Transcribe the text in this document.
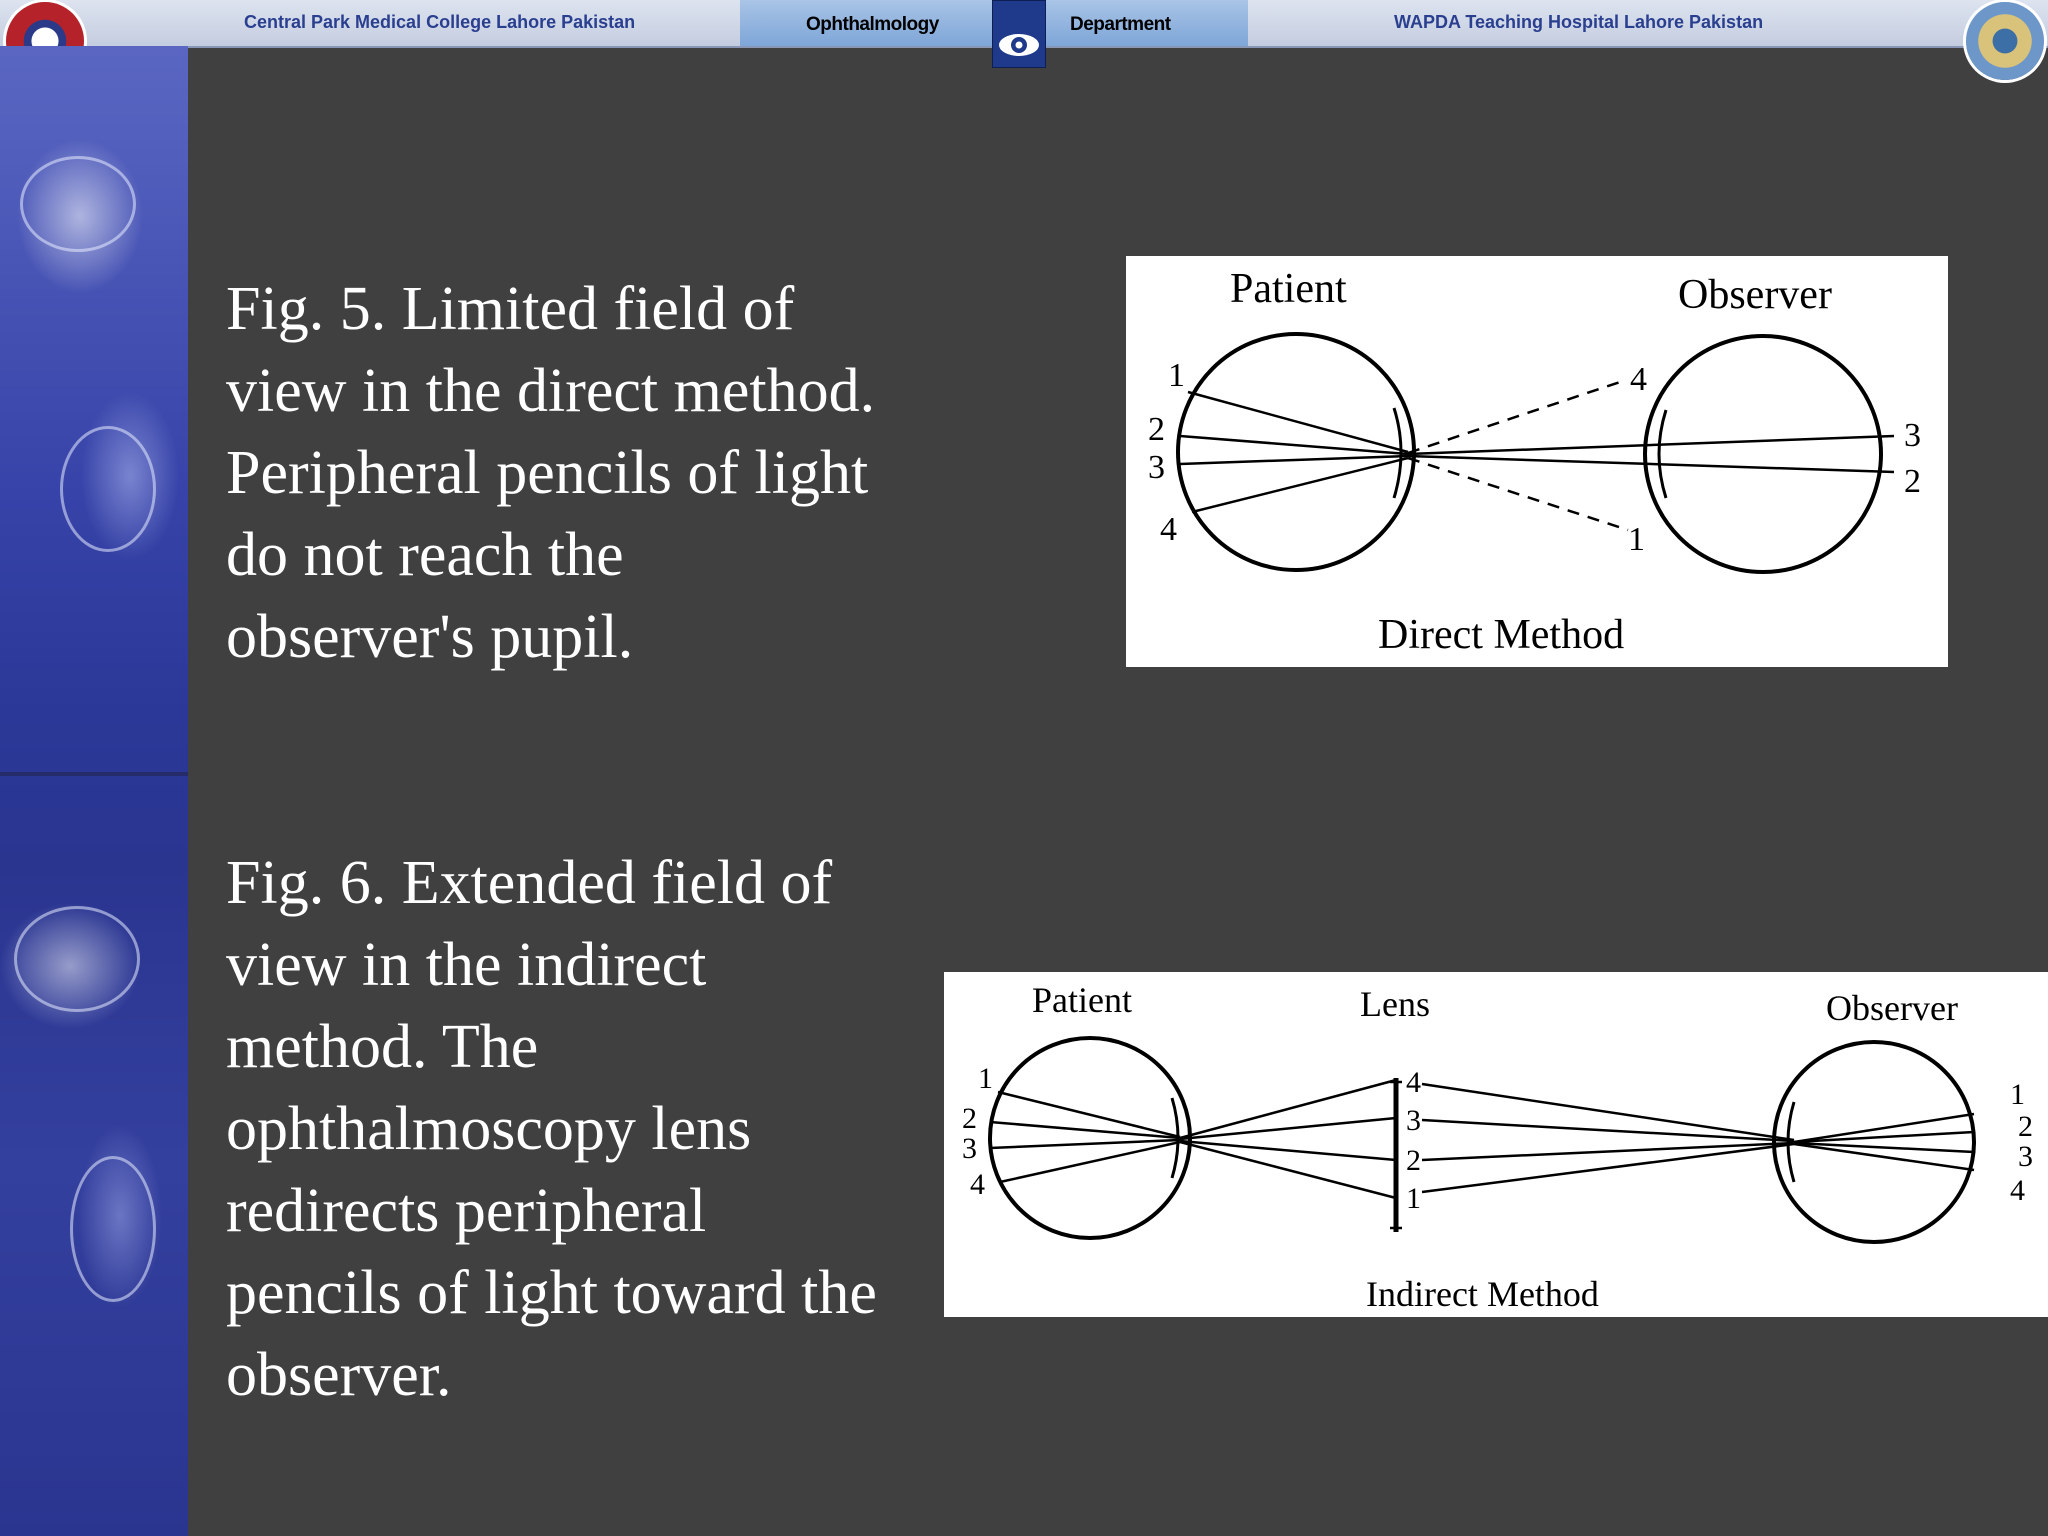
Central Park Medical College Lahore Pakistan	Ophthalmology	Department	WAPDA Teaching Hospital Lahore Pakistan
Fig. 5. Limited field of view in the direct method. Peripheral pencils of light do not reach the observer's pupil.
Fig. 6. Extended field of view in the indirect method. The ophthalmoscopy lens redirects peripheral pencils of light toward the observer.
Patient	Observer
Direct Method
1
2
3
4
4
1
3
2
Patient	Lens	Observer
Indirect Method
1
2
3
4
4
3
2
1
1
2
3
4
